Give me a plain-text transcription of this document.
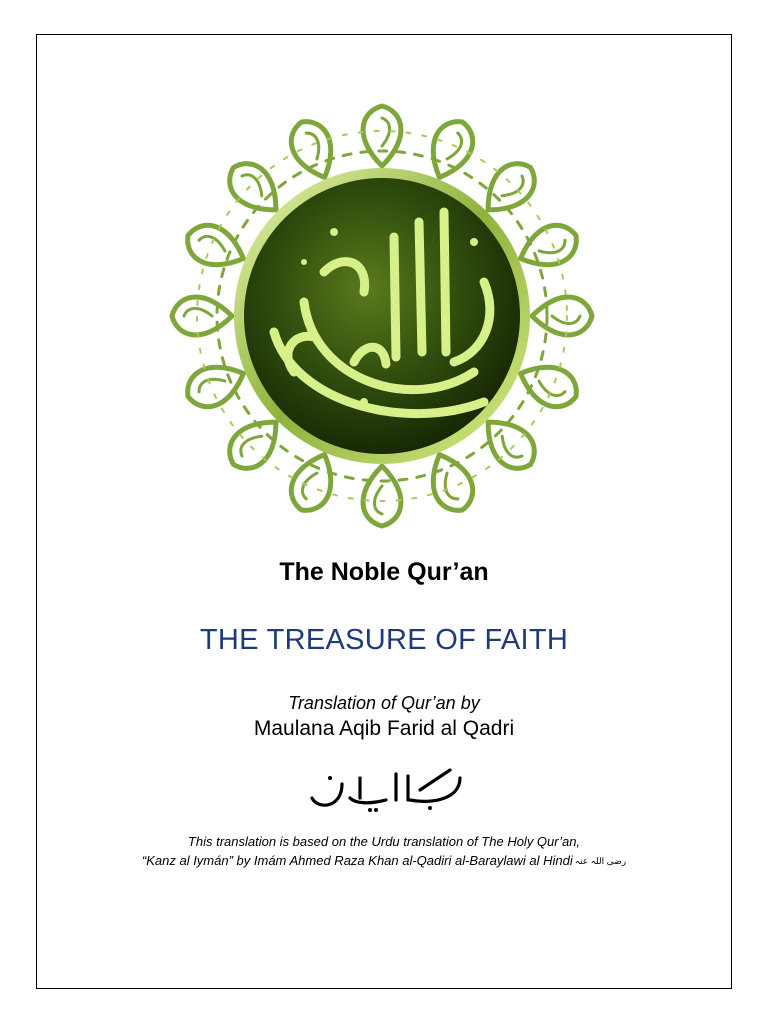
The Noble Qur’an
THE TREASURE OF FAITH
Translation of Qur’an by
Maulana Aqib Farid al Qadri
This translation is based on the Urdu translation of The Holy Qur’an,
“Kanz al Iymán” by Imám Ahmed Raza Khan al-Qadiri al-Baraylawi al Hindi رضی اللہ عنہ
